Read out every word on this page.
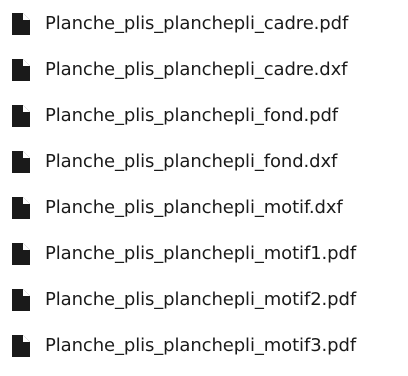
Planche_plis_planchepli_cadre.pdf
Planche_plis_planchepli_cadre.dxf
Planche_plis_planchepli_fond.pdf
Planche_plis_planchepli_fond.dxf
Planche_plis_planchepli_motif.dxf
Planche_plis_planchepli_motif1.pdf
Planche_plis_planchepli_motif2.pdf
Planche_plis_planchepli_motif3.pdf
